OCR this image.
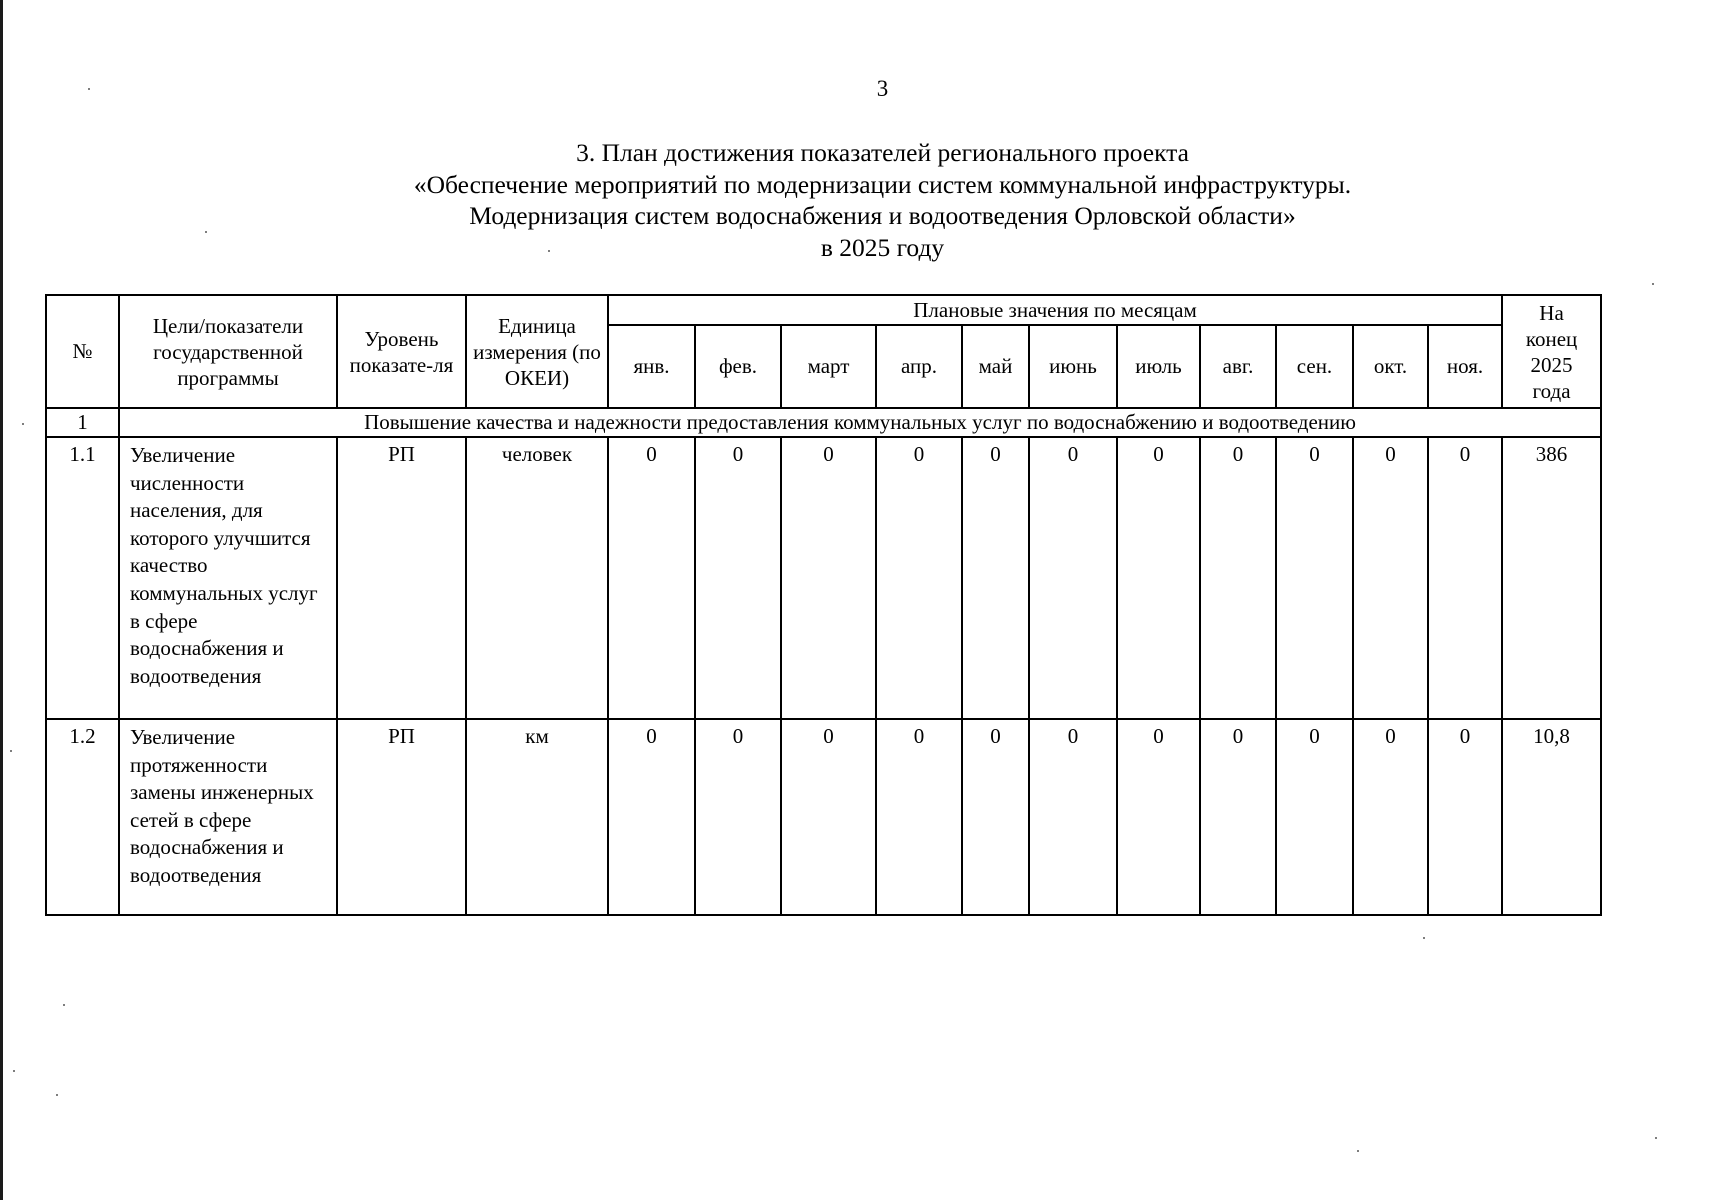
3
3. План достижения показателей регионального проекта
«Обеспечение мероприятий по модернизации систем коммунальной инфраструктуры.
Модернизация систем водоснабжения и водоотведения Орловской области»
в 2025 году
№	Цели/показатели государственной программы	Уровень показате-ля	Единица измерения (по ОКЕИ)	Плановые значения по месяцам											На конец 2025 года

				янв.	фев.	март	апр.	май	июнь	июль	авг.	сен.	окт.	ноя.	
1	Повышение качества и надежности предоставления коммунальных услуг по водоснабжению и водоотведению														
1.1	Увеличение численности населения, для которого улучшится качество коммунальных услуг в сфере водоснабжения и водоотведения	РП	человек	0	0	0	0	0	0	0	0	0	0	0	386
1.2	Увеличение протяженности замены инженерных сетей в сфере водоснабжения и водоотведения	РП	км	0	0	0	0	0	0	0	0	0	0	0	10,8
